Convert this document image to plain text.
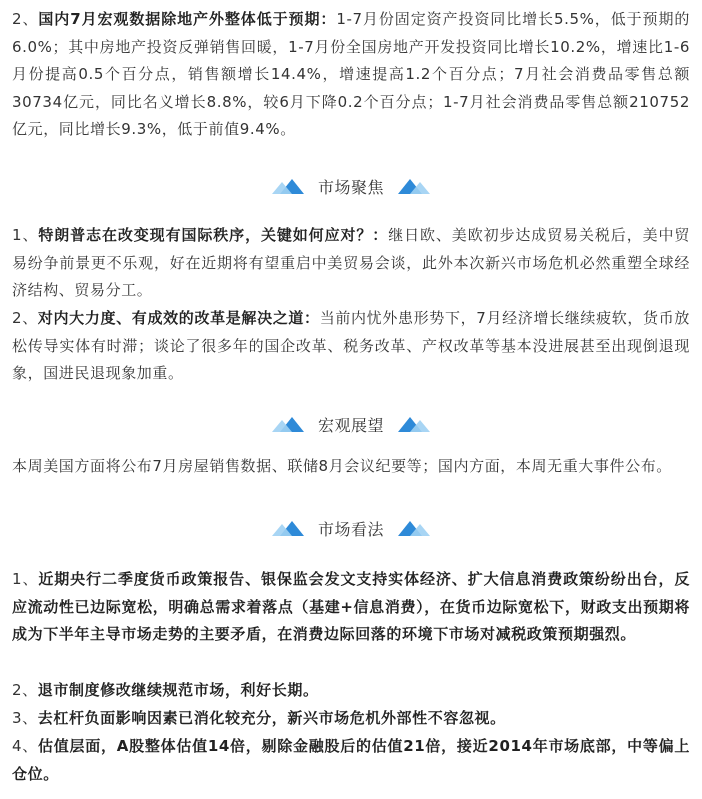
2、国内7月宏观数据除地产外整体低于预期：1-7月份固定资产投资同比增长5.5%，低于预期的6.0%；其中房地产投资反弹销售回暖，1-7月份全国房地产开发投资同比增长10.2%，增速比1-6月份提高0.5个百分点，销售额增长14.4%，增速提高1.2个百分点；7月社会消费品零售总额30734亿元，同比名义增长8.8%，较6月下降0.2个百分点；1-7月社会消费品零售总额210752亿元，同比增长9.3%，低于前值9.4%。
市场聚焦
1、特朗普志在改变现有国际秩序，关键如何应对？：继日欧、美欧初步达成贸易关税后，美中贸易纷争前景更不乐观，好在近期将有望重启中美贸易会谈，此外本次新兴市场危机必然重塑全球经济结构、贸易分工。
2、对内大力度、有成效的改革是解决之道：当前内忧外患形势下，7月经济增长继续疲软，货币放松传导实体有时滞；谈论了很多年的国企改革、税务改革、产权改革等基本没进展甚至出现倒退现象，国进民退现象加重。
宏观展望
本周美国方面将公布7月房屋销售数据、联储8月会议纪要等；国内方面，本周无重大事件公布。
市场看法
1、近期央行二季度货币政策报告、银保监会发文支持实体经济、扩大信息消费政策纷纷出台，反应流动性已边际宽松，明确总需求着落点（基建+信息消费），在货币边际宽松下，财政支出预期将成为下半年主导市场走势的主要矛盾，在消费边际回落的环境下市场对减税政策预期强烈。
2、退市制度修改继续规范市场，利好长期。
3、去杠杆负面影响因素已消化较充分，新兴市场危机外部性不容忽视。
4、估值层面，A股整体估值14倍，剔除金融股后的估值21倍，接近2014年市场底部，中等偏上仓位。
